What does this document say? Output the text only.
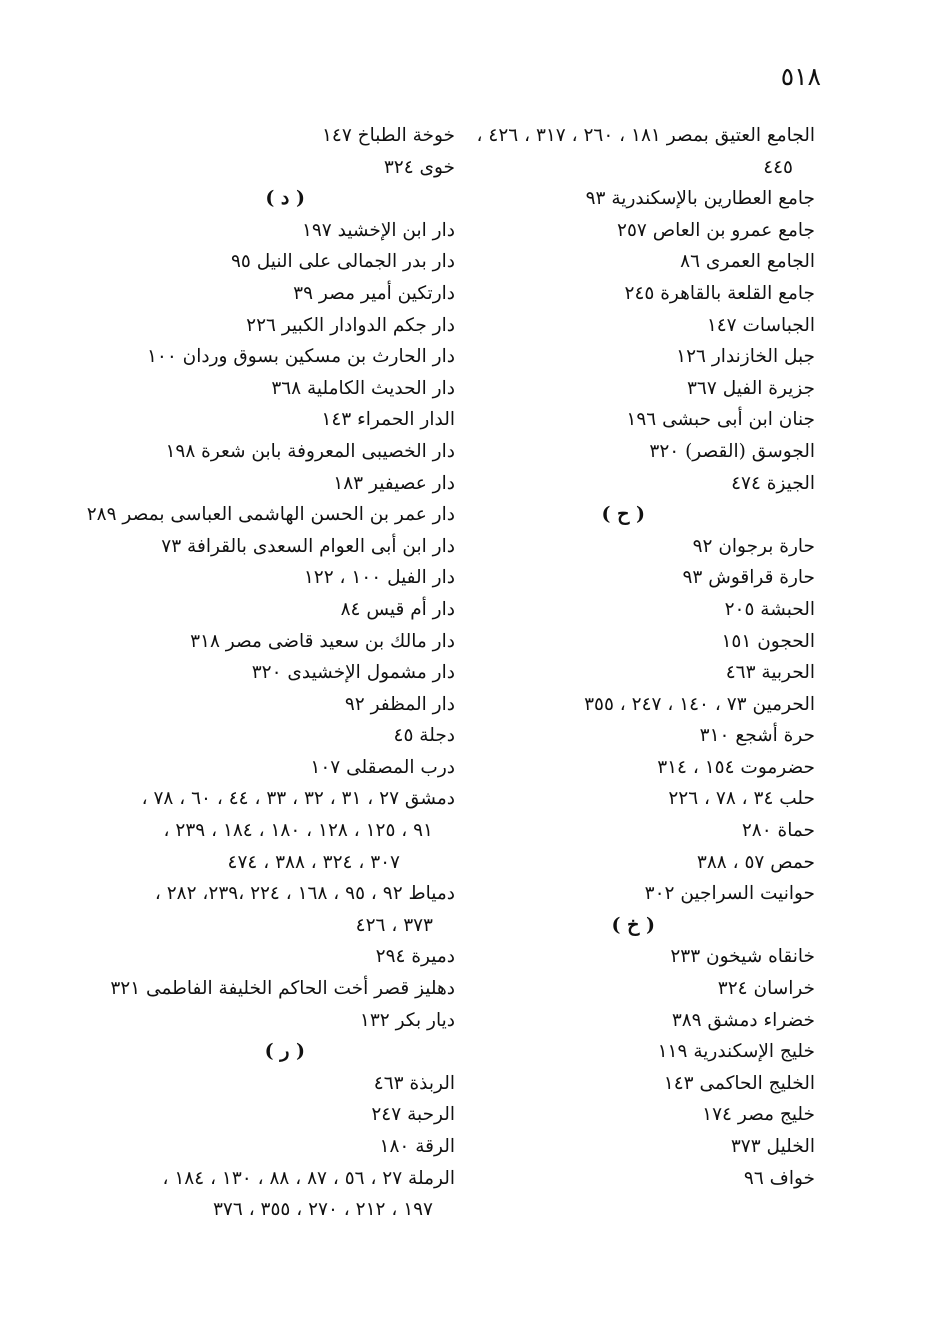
٥١٨
الجامع العتيق بمصر ١٨١ ، ٢٦٠ ، ٣١٧ ، ٤٢٦ ،
٤٤٥
جامع العطارين بالإسكندرية ٩٣
جامع عمرو بن العاص ٢٥٧
الجامع العمرى ٨٦
جامع القلعة بالقاهرة ٢٤٥
الجباسات ١٤٧
جبل الخازندار ١٢٦
جزيرة الفيل ٣٦٧
جنان ابن أبى حبشى ١٩٦
الجوسق (القصر) ٣٢٠
الجيزة ٤٧٤
( ح )
حارة برجوان ٩٢
حارة قراقوش ٩٣
الحبشة ٢٠٥
الحجون ١٥١
الحربية ٤٦٣
الحرمين ٧٣ ، ١٤٠ ، ٢٤٧ ، ٣٥٥
حرة أشجع ٣١٠
حضرموت ١٥٤ ، ٣١٤
حلب ٣٤ ، ٧٨ ، ٢٢٦
حماة ٢٨٠
حمص ٥٧ ، ٣٨٨
حوانيت السراجين ٣٠٢
( خ )
خانقاه شيخون ٢٣٣
خراسان ٣٢٤
خضراء دمشق ٣٨٩
خليج الإسكندرية ١١٩
الخليج الحاكمى ١٤٣
خليج مصر ١٧٤
الخليل ٣٧٣
خواف ٩٦
خوخة الطباخ ١٤٧
خوى ٣٢٤
( د )
دار ابن الإخشيد ١٩٧
دار بدر الجمالى على النيل ٩٥
دارتكين أمير مصر ٣٩
دار جكم الدوادار الكبير ٢٢٦
دار الحارث بن مسكين بسوق وردان ١٠٠
دار الحديث الكاملية ٣٦٨
الدار الحمراء ١٤٣
دار الخصيبى المعروفة بابن شعرة ١٩٨
دار عصيفير ١٨٣
دار عمر بن الحسن الهاشمى العباسى بمصر ٢٨٩
دار ابن أبى العوام السعدى بالقرافة ٧٣
دار الفيل ١٠٠ ، ١٢٢
دار أم قيس ٨٤
دار مالك بن سعيد قاضى مصر ٣١٨
دار مشمول الإخشيدى ٣٢٠
دار المظفر ٩٢
دجلة ٤٥
درب المصقلى ١٠٧
دمشق ٢٧ ، ٣١ ، ٣٢ ، ٣٣ ، ٤٤ ، ٦٠ ، ٧٨ ،
٩١ ، ١٢٥ ، ١٢٨ ، ١٨٠ ، ١٨٤ ، ٢٣٩ ،
٣٠٧ ، ٣٢٤ ، ٣٨٨ ، ٤٧٤
دمياط ٩٢ ، ٩٥ ، ١٦٨ ، ٢٢٤ ،٢٣٩، ٢٨٢ ،
٣٧٣ ، ٤٢٦
دميرة ٢٩٤
دهليز قصر أخت الحاكم الخليفة الفاطمى ٣٢١
ديار بكر ١٣٢
( ر )
الربذة ٤٦٣
الرحبة ٢٤٧
الرقة ١٨٠
الرملة ٢٧ ، ٥٦ ، ٨٧ ، ٨٨ ، ١٣٠ ، ١٨٤ ،
١٩٧ ، ٢١٢ ، ٢٧٠ ، ٣٥٥ ، ٣٧٦
